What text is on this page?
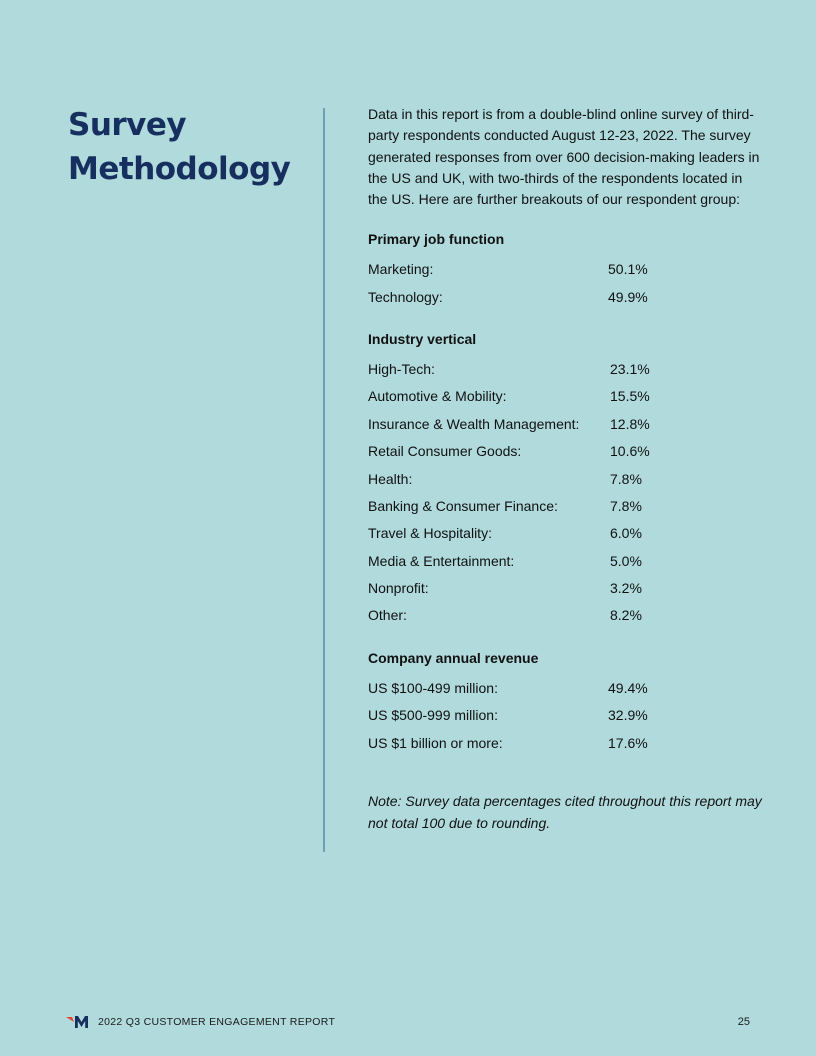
Survey Methodology

Data in this report is from a double-blind online survey of third-party respondents conducted August 12-23, 2022. The survey generated responses from over 600 decision-making leaders in the US and UK, with two-thirds of the respondents located in the US. Here are further breakouts of our respondent group:

Primary job function
Marketing:	50.1%
Technology:	49.9%
Industry vertical
High-Tech:	23.1%
Automotive & Mobility:	15.5%
Insurance & Wealth Management: 12.8%
Retail Consumer Goods:	10.6%
Health:	7.8%
Banking & Consumer Finance:	7.8%
Travel & Hospitality:	6.0%
Media & Entertainment:	5.0%
Nonprofit:	3.2%
Other:	8.2%
Company annual revenue
US $100-499 million:	49.4%
US $500-999 million:	32.9%
US $1 billion or more:	17.6%

Note: Survey data percentages cited throughout this report may not total 100 due to rounding.

2022 Q3 CUSTOMER ENGAGEMENT REPORT	25
